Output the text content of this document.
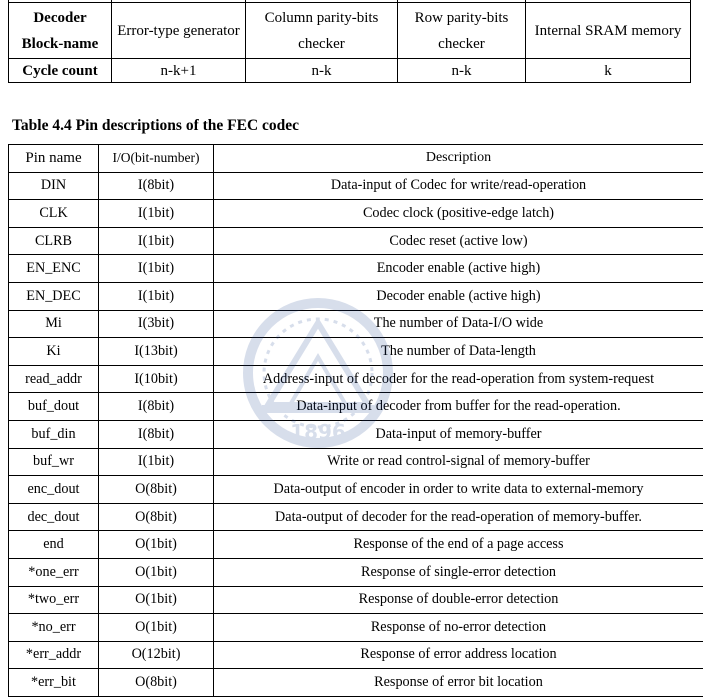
Decoder
Block-name	Error-type generator	Column parity-bits checker	Row parity-bits checker	Internal SRAM memory
Cycle count	n-k+1	n-k	n-k	k
Table 4.4 Pin descriptions of the FEC codec
Pin name	I/O(bit-number)	Description
DIN	I(8bit)	Data-input of Codec for write/read-operation
CLK	I(1bit)	Codec clock (positive-edge latch)
CLRB	I(1bit)	Codec reset (active low)
EN_ENC	I(1bit)	Encoder enable (active high)
EN_DEC	I(1bit)	Decoder enable (active high)
Mi	I(3bit)	The number of Data-I/O wide
Ki	I(13bit)	The number of Data-length
read_addr	I(10bit)	Address-input of decoder for the read-operation from system-request
buf_dout	I(8bit)	Data-input of decoder from buffer for the read-operation.
buf_din	I(8bit)	Data-input of memory-buffer
buf_wr	I(1bit)	Write or read control-signal of memory-buffer
enc_dout	O(8bit)	Data-output of encoder in order to write data to external-memory
dec_dout	O(8bit)	Data-output of decoder for the read-operation of memory-buffer.
end	O(1bit)	Response of the end of a page access
*one_err	O(1bit)	Response of single-error detection
*two_err	O(1bit)	Response of double-error detection
*no_err	O(1bit)	Response of no-error detection
*err_addr	O(12bit)	Response of error address location
*err_bit	O(8bit)	Response of error bit location
1896
